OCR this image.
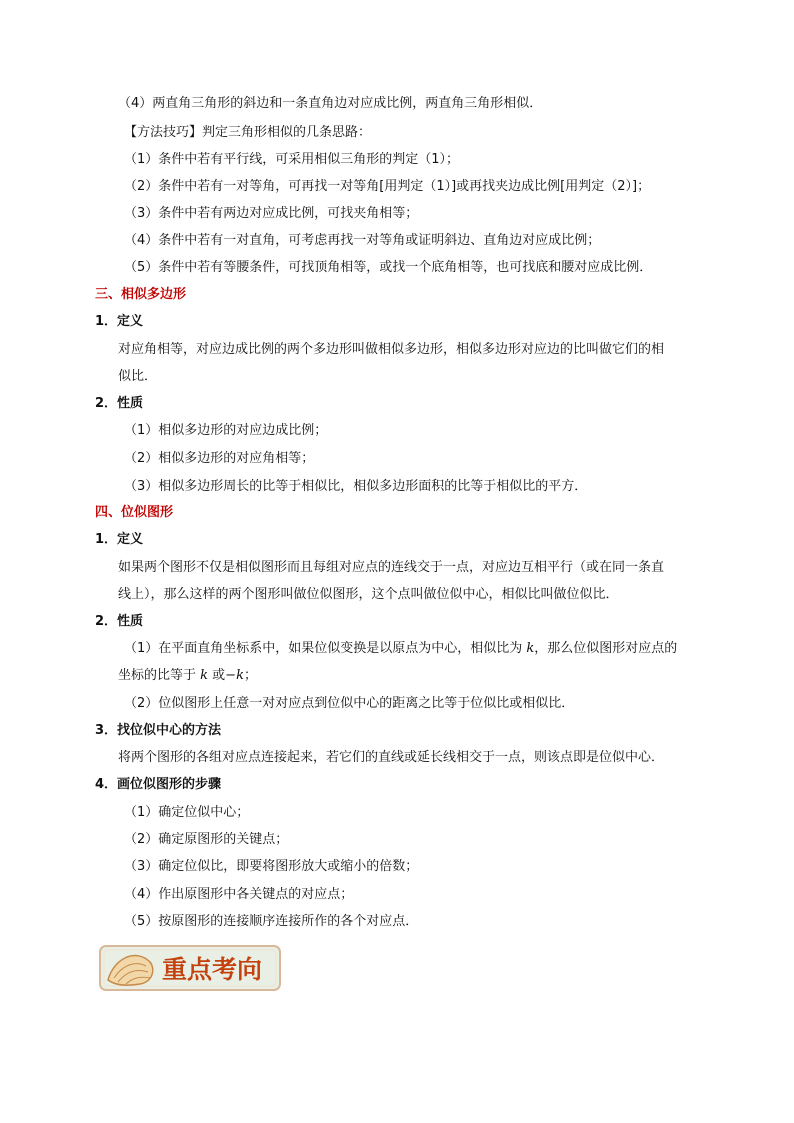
（4）两直角三角形的斜边和一条直角边对应成比例，两直角三角形相似．
【方法技巧】判定三角形相似的几条思路：
（1）条件中若有平行线，可采用相似三角形的判定（1）；
（2）条件中若有一对等角，可再找一对等角[用判定（1）]或再找夹边成比例[用判定（2）]；
（3）条件中若有两边对应成比例，可找夹角相等；
（4）条件中若有一对直角，可考虑再找一对等角或证明斜边、直角边对应成比例；
（5）条件中若有等腰条件，可找顶角相等，或找一个底角相等，也可找底和腰对应成比例．
三、相似多边形
1．定义
对应角相等，对应边成比例的两个多边形叫做相似多边形，相似多边形对应边的比叫做它们的相
似比．
2．性质
（1）相似多边形的对应边成比例；
（2）相似多边形的对应角相等；
（3）相似多边形周长的比等于相似比，相似多边形面积的比等于相似比的平方．
四、位似图形
1．定义
如果两个图形不仅是相似图形而且每组对应点的连线交于一点，对应边互相平行（或在同一条直
线上），那么这样的两个图形叫做位似图形，这个点叫做位似中心，相似比叫做位似比．
2．性质
（1）在平面直角坐标系中，如果位似变换是以原点为中心，相似比为 k，那么位似图形对应点的
坐标的比等于 k 或−k；
（2）位似图形上任意一对对应点到位似中心的距离之比等于位似比或相似比．
3．找位似中心的方法
将两个图形的各组对应点连接起来，若它们的直线或延长线相交于一点，则该点即是位似中心．
4．画位似图形的步骤
（1）确定位似中心；
（2）确定原图形的关键点；
（3）确定位似比，即要将图形放大或缩小的倍数；
（4）作出原图形中各关键点的对应点；
（5）按原图形的连接顺序连接所作的各个对应点．
重点考向
